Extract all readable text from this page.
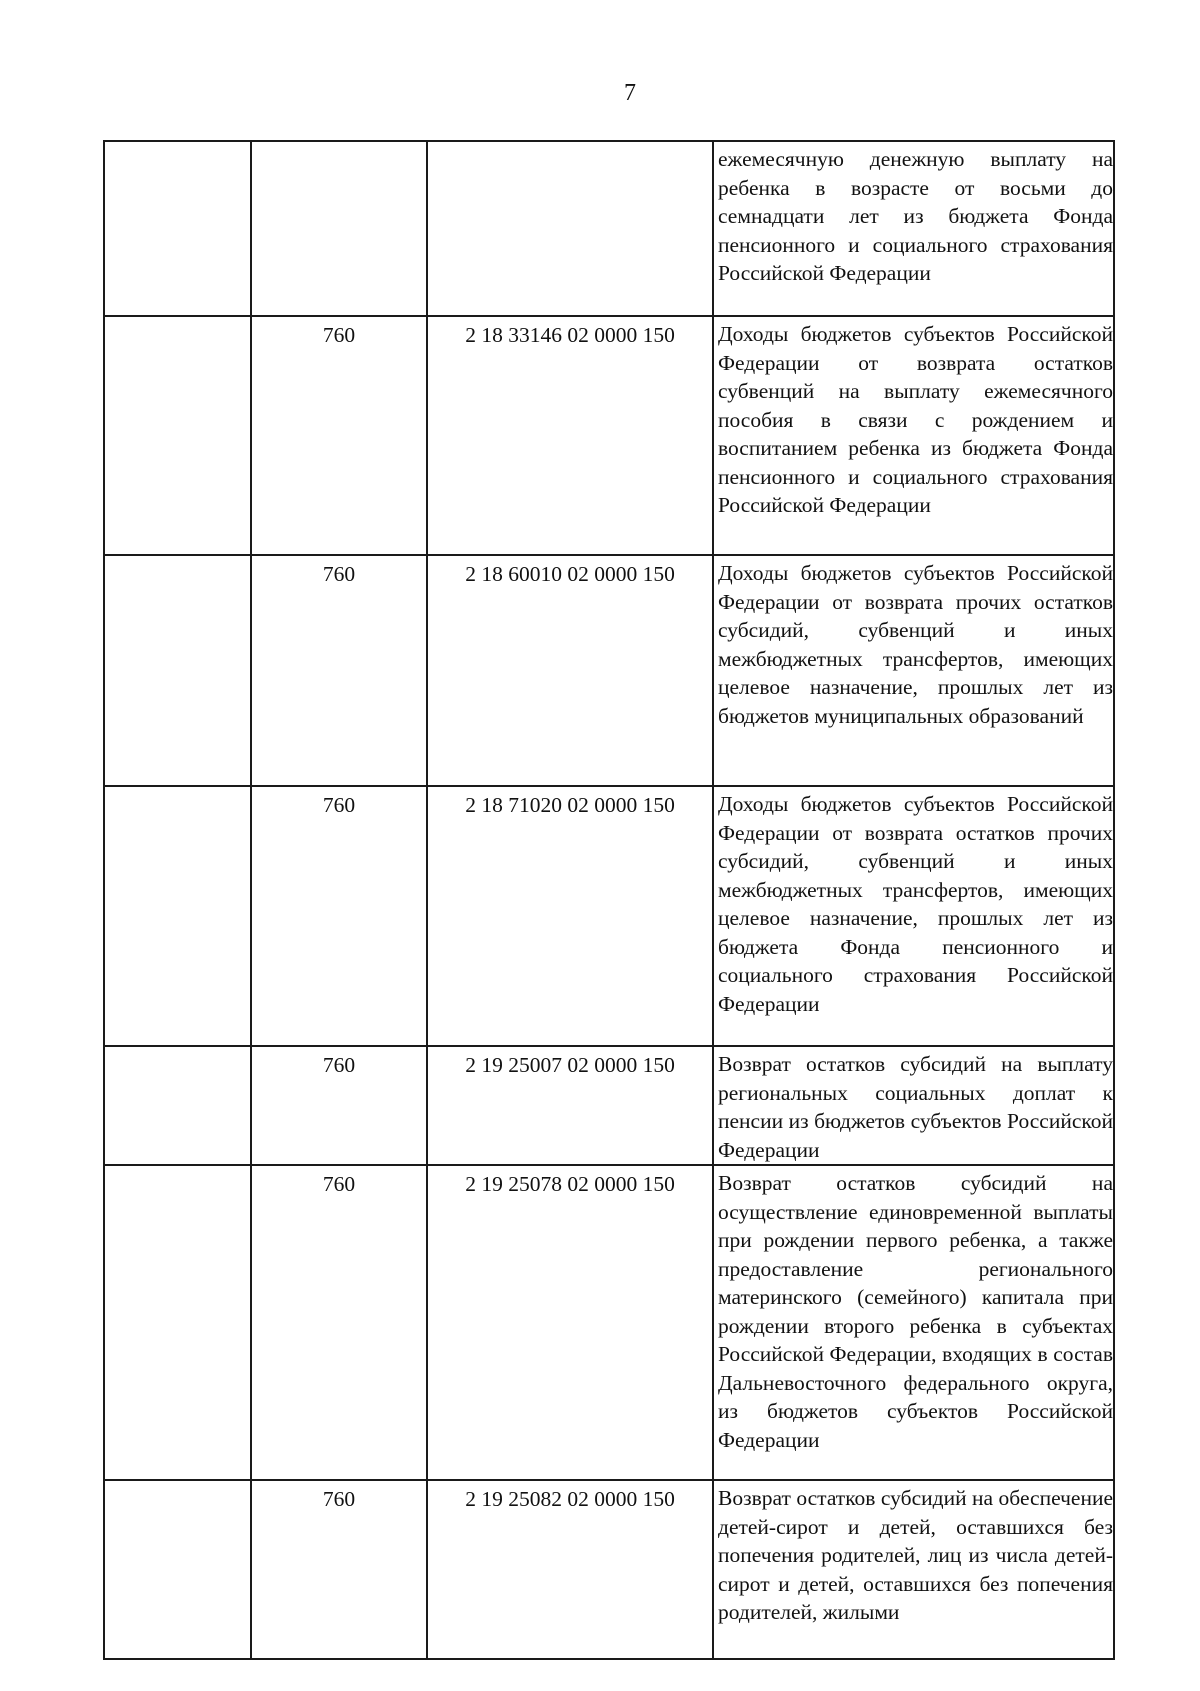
7
			ежемесячную денежную выплату на ребенка в возрасте от восьми до семнадцати лет из бюджета Фонда пенсионного и социального страхования Российской Федерации
	760	2 18 33146 02 0000 150	Доходы бюджетов субъектов Российской Федерации от возврата остатков субвенций на выплату ежемесячного пособия в связи с рождением и воспитанием ребенка из бюджета Фонда пенсионного и социального страхования Российской Федерации
	760	2 18 60010 02 0000 150	Доходы бюджетов субъектов Российской Федерации от возврата прочих остатков субсидий, субвенций и иных межбюджетных трансфертов, имеющих целевое назначение, прошлых лет из бюджетов муниципальных образований
	760	2 18 71020 02 0000 150	Доходы бюджетов субъектов Российской Федерации от возврата остатков прочих субсидий, субвенций и иных межбюджетных трансфертов, имеющих целевое назначение, прошлых лет из бюджета Фонда пенсионного и социального страхования Российской Федерации
	760	2 19 25007 02 0000 150	Возврат остатков субсидий на выплату региональных социальных доплат к пенсии из бюджетов субъектов Российской Федерации
	760	2 19 25078 02 0000 150	Возврат остатков субсидий на осуществление единовременной выплаты при рождении первого ребенка, а также предоставление регионального материнского (семейного) капитала при рождении второго ребенка в субъектах Российской Федерации, входящих в состав Дальневосточного федерального округа, из бюджетов субъектов Российской Федерации
	760	2 19 25082 02 0000 150	Возврат остатков субсидий на обеспечение детей-сирот и детей, оставшихся без попечения родителей, лиц из числа детей-сирот и детей, оставшихся без попечения родителей, жилыми
